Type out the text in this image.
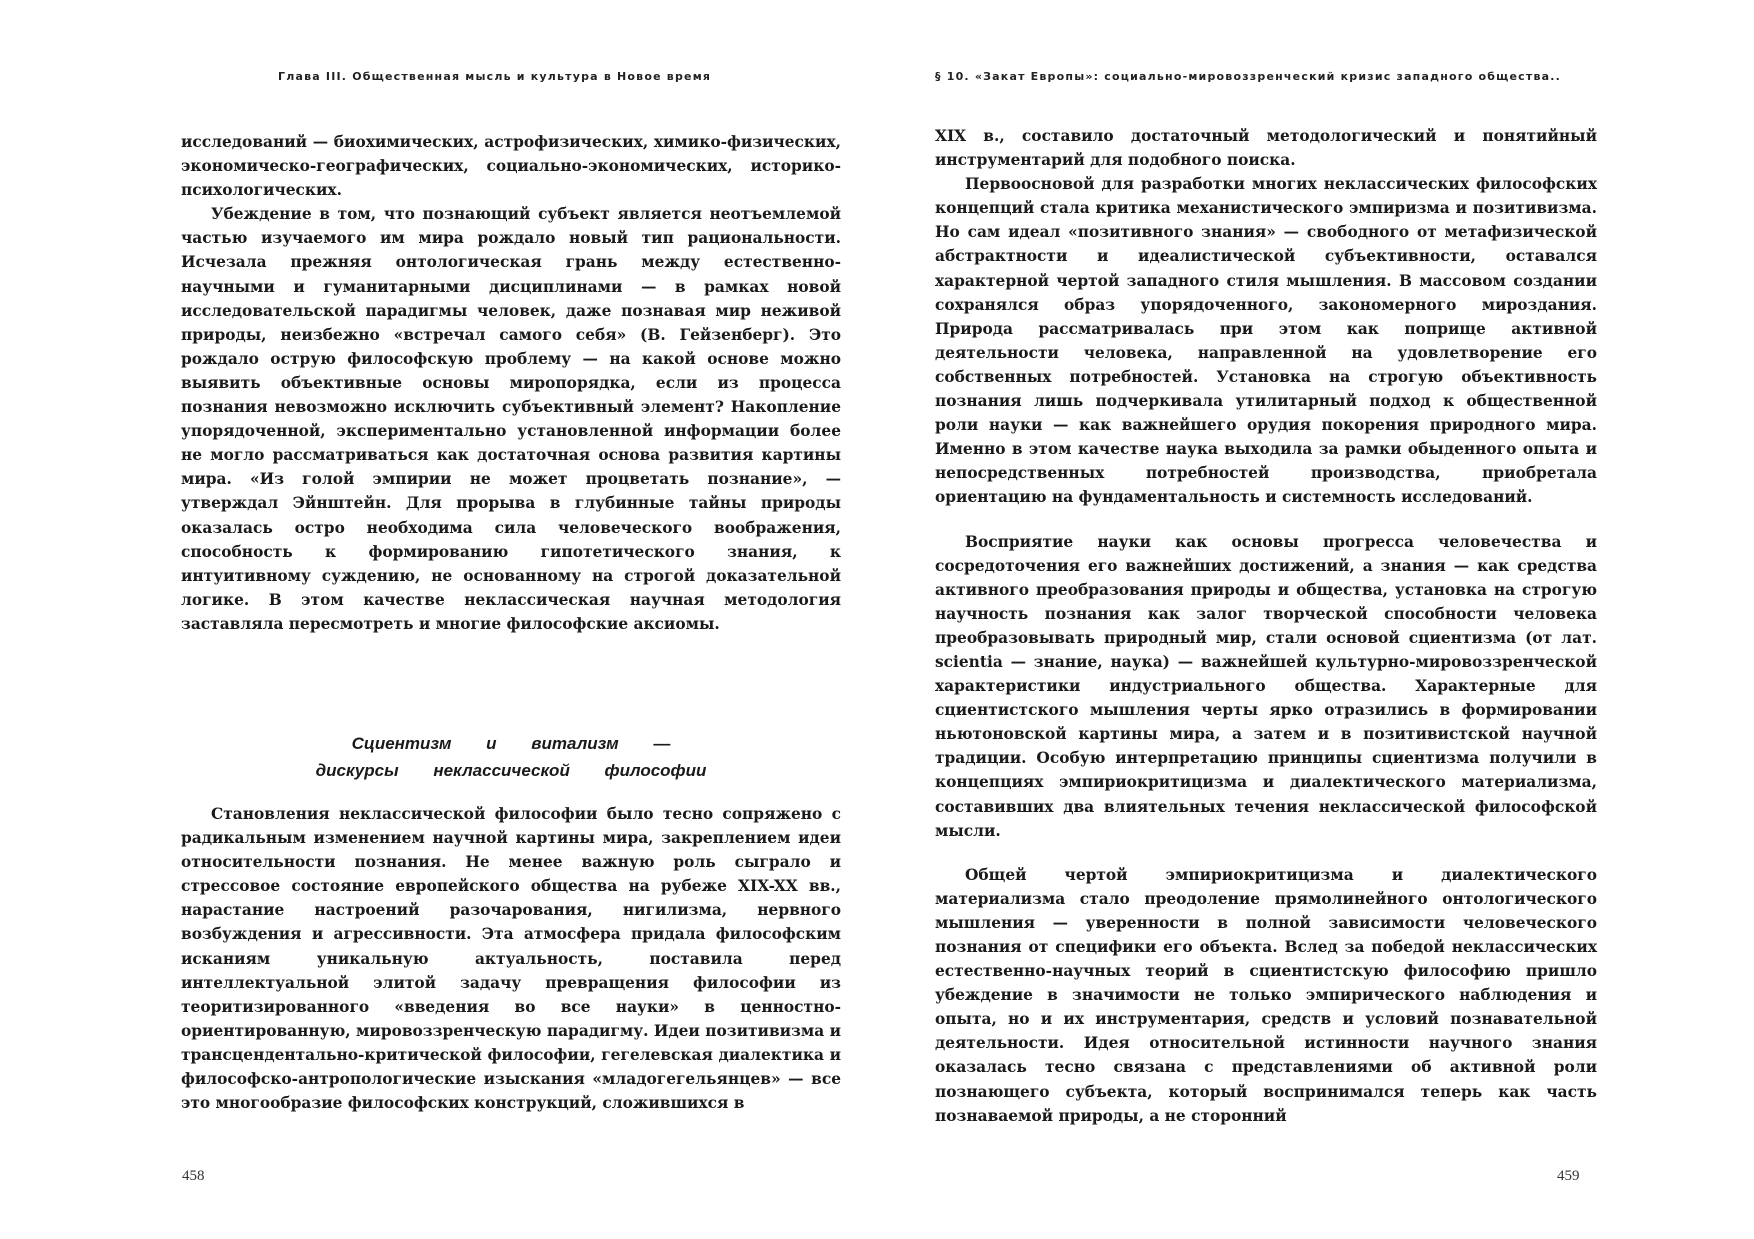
Глава III. Общественная мысль и культура в Новое время

исследований — биохимических, астрофизических, химико-физических, экономическо-географических, социально-экономических, историко-психологических.

Убеждение в том, что познающий субъект является неотъемлемой частью изучаемого им мира рождало новый тип рациональности. Исчезала прежняя онтологическая грань между естественно-научными и гуманитарными дисциплинами — в рамках новой исследовательской парадигмы человек, даже познавая мир неживой природы, неизбежно «встречал самого себя» (В. Гейзенберг). Это рождало острую философскую проблему — на какой основе можно выявить объективные основы миропорядка, если из процесса познания невозможно исключить субъективный элемент? Накопление упорядоченной, экспериментально установленной информации более не могло рассматриваться как достаточная основа развития картины мира. «Из голой эмпирии не может процветать познание», — утверждал Эйнштейн. Для прорыва в глубинные тайны природы оказалась остро необходима сила человеческого воображения, способность к формированию гипотетического знания, к интуитивному суждению, не основанному на строгой доказательной логике. В этом качестве неклассическая научная методология заставляла пересмотреть и многие философские аксиомы.

Сциентизм и витализм —
дискурсы неклассической философии

Становления неклассической философии было тесно сопряжено с радикальным изменением научной картины мира, закреплением идеи относительности познания. Не менее важную роль сыграло и стрессовое состояние европейского общества на рубеже XIX-XX вв., нарастание настроений разочарования, нигилизма, нервного возбуждения и агрессивности. Эта атмосфера придала философским исканиям уникальную актуальность, поставила перед интеллектуальной элитой задачу превращения философии из теоритизированного «введения во все науки» в ценностно-ориентированную, мировоззренческую парадигму. Идеи позитивизма и трансцендентально-критической философии, гегелевская диалектика и философско-антропологические изыскания «младогегельянцев» — все это многообразие философских конструкций, сложившихся в

458
§ 10. «Закат Европы»: социально-мировоззренческий кризис западного общества..

XIX в., составило достаточный методологический и понятийный инструментарий для подобного поиска.

Первоосновой для разработки многих неклассических философских концепций стала критика механистического эмпиризма и позитивизма. Но сам идеал «позитивного знания» — свободного от метафизической абстрактности и идеалистической субъективности, оставался характерной чертой западного стиля мышления. В массовом создании сохранялся образ упорядоченного, закономерного мироздания. Природа рассматривалась при этом как поприще активной деятельности человека, направленной на удовлетворение его собственных потребностей. Установка на строгую объективность познания лишь подчеркивала утилитарный подход к общественной роли науки — как важнейшего орудия покорения природного мира. Именно в этом качестве наука выходила за рамки обыденного опыта и непосредственных потребностей производства, приобретала ориентацию на фундаментальность и системность исследований.

Восприятие науки как основы прогресса человечества и сосредоточения его важнейших достижений, а знания — как средства активного преобразования природы и общества, установка на строгую научность познания как залог творческой способности человека преобразовывать природный мир, стали основой сциентизма (от лат. scientia — знание, наука) — важнейшей культурно-мировоззренческой характеристики индустриального общества. Характерные для сциентистского мышления черты ярко отразились в формировании ньютоновской картины мира, а затем и в позитивистской научной традиции. Особую интерпретацию принципы сциентизма получили в концепциях эмпириокритицизма и диалектического материализма, составивших два влиятельных течения неклассической философской мысли.

Общей чертой эмпириокритицизма и диалектического материализма стало преодоление прямолинейного онтологического мышления — уверенности в полной зависимости человеческого познания от специфики его объекта. Вслед за победой неклассических естественно-научных теорий в сциентистскую философию пришло убеждение в значимости не только эмпирического наблюдения и опыта, но и их инструментария, средств и условий познавательной деятельности. Идея относительной истинности научного знания оказалась тесно связана с представлениями об активной роли познающего субъекта, который воспринимался теперь как часть познаваемой природы, а не сторонний

459
